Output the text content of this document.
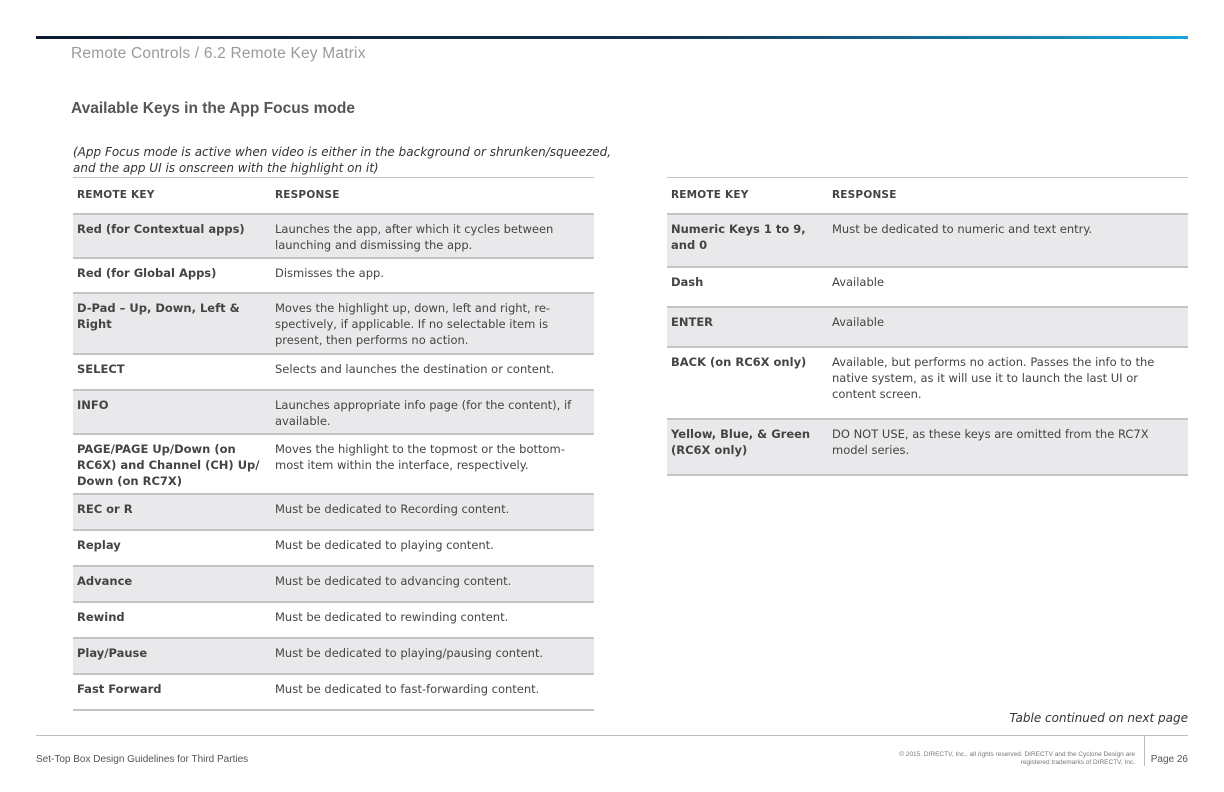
Remote Controls / 6.2 Remote Key Matrix
Available Keys in the App Focus mode
(App Focus mode is active when video is either in the background or shrunken/squeezed, and the app UI is onscreen with the highlight on it)
REMOTE KEY	RESPONSE
Red (for Contextual apps)	Launches the app, after which it cycles between launching and dismissing the app.
Red (for Global Apps)	Dismisses the app.
D-Pad – Up, Down, Left & Right	Moves the highlight up, down, left and right, re-spectively, if applicable. If no selectable item is present, then performs no action.
SELECT	Selects and launches the destination or content.
INFO	Launches appropriate info page (for the content), if available.
PAGE/PAGE Up/Down (on RC6X) and Channel (CH) Up/ Down (on RC7X)	Moves the highlight to the topmost or the bottom-most item within the interface, respectively.
REC or R	Must be dedicated to Recording content.
Replay	Must be dedicated to playing content.
Advance	Must be dedicated to advancing content.
Rewind	Must be dedicated to rewinding content.
Play/Pause	Must be dedicated to playing/pausing content.
Fast Forward	Must be dedicated to fast-forwarding content.
REMOTE KEY	RESPONSE
Numeric Keys 1 to 9, and 0	Must be dedicated to numeric and text entry.
Dash	Available
ENTER	Available
BACK (on RC6X only)	Available, but performs no action. Passes the info to the native system, as it will use it to launch the last UI or content screen.
Yellow, Blue, & Green (RC6X only)	DO NOT USE, as these keys are omitted from the RC7X model series.
Table continued on next page
Set-Top Box Design Guidelines for Third Parties	© 2015. DIRECTV, Inc., all rights reserved. DIRECTV and the Cyclone Design are registered trademarks of DIRECTV, Inc. Page 26
